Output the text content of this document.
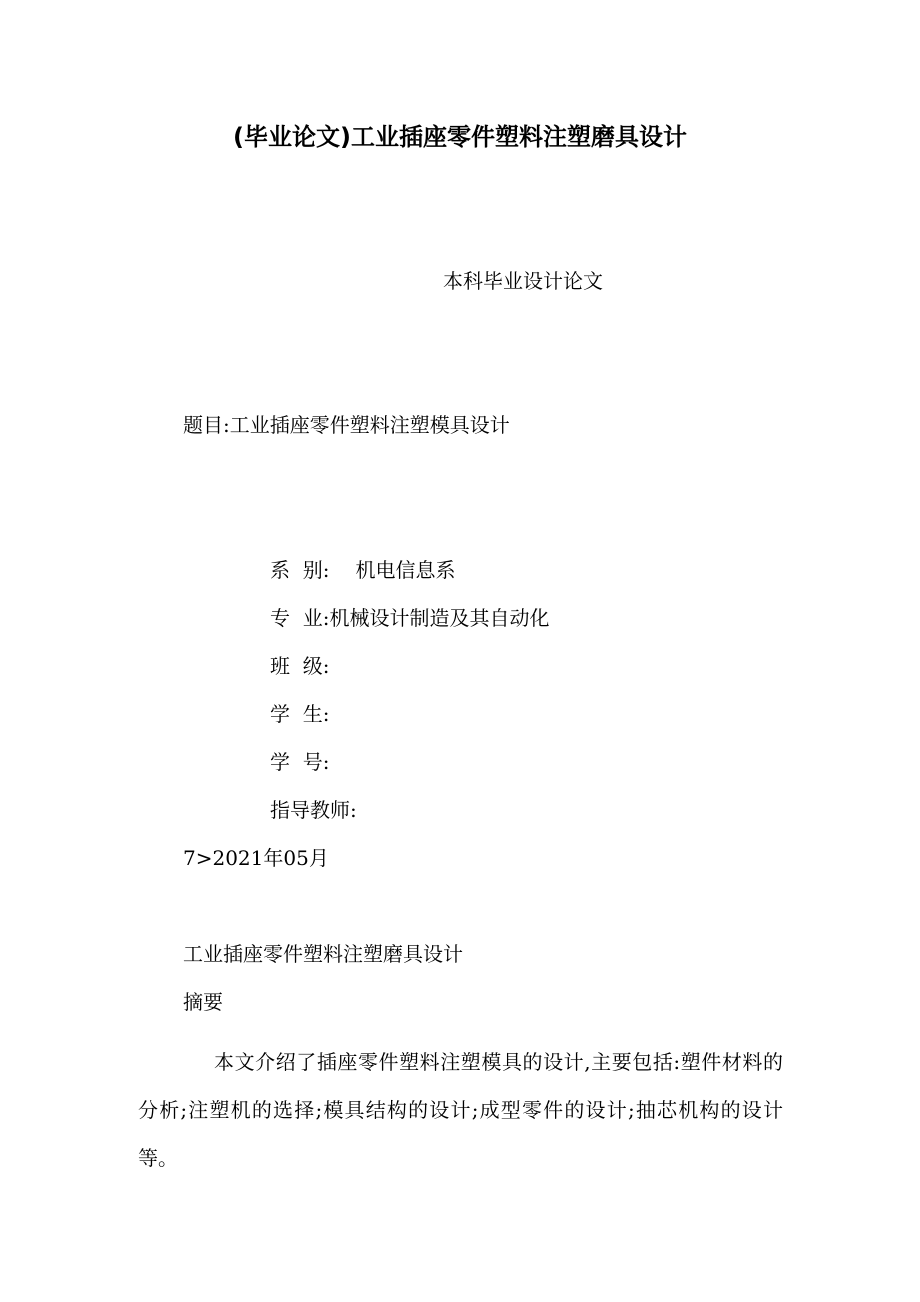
(毕业论文)工业插座零件塑料注塑磨具设计
本科毕业设计论文
题目:工业插座零件塑料注塑模具设计
系  别: 机电信息系
专  业:机械设计制造及其自动化
班  级:
学  生:
学  号:
指导教师:
7>2021年05月
工业插座零件塑料注塑磨具设计
摘要
本文介绍了插座零件塑料注塑模具的设计,主要包括:塑件材料的分析;注塑机的选择;模具结构的设计;成型零件的设计;抽芯机构的设计等。
